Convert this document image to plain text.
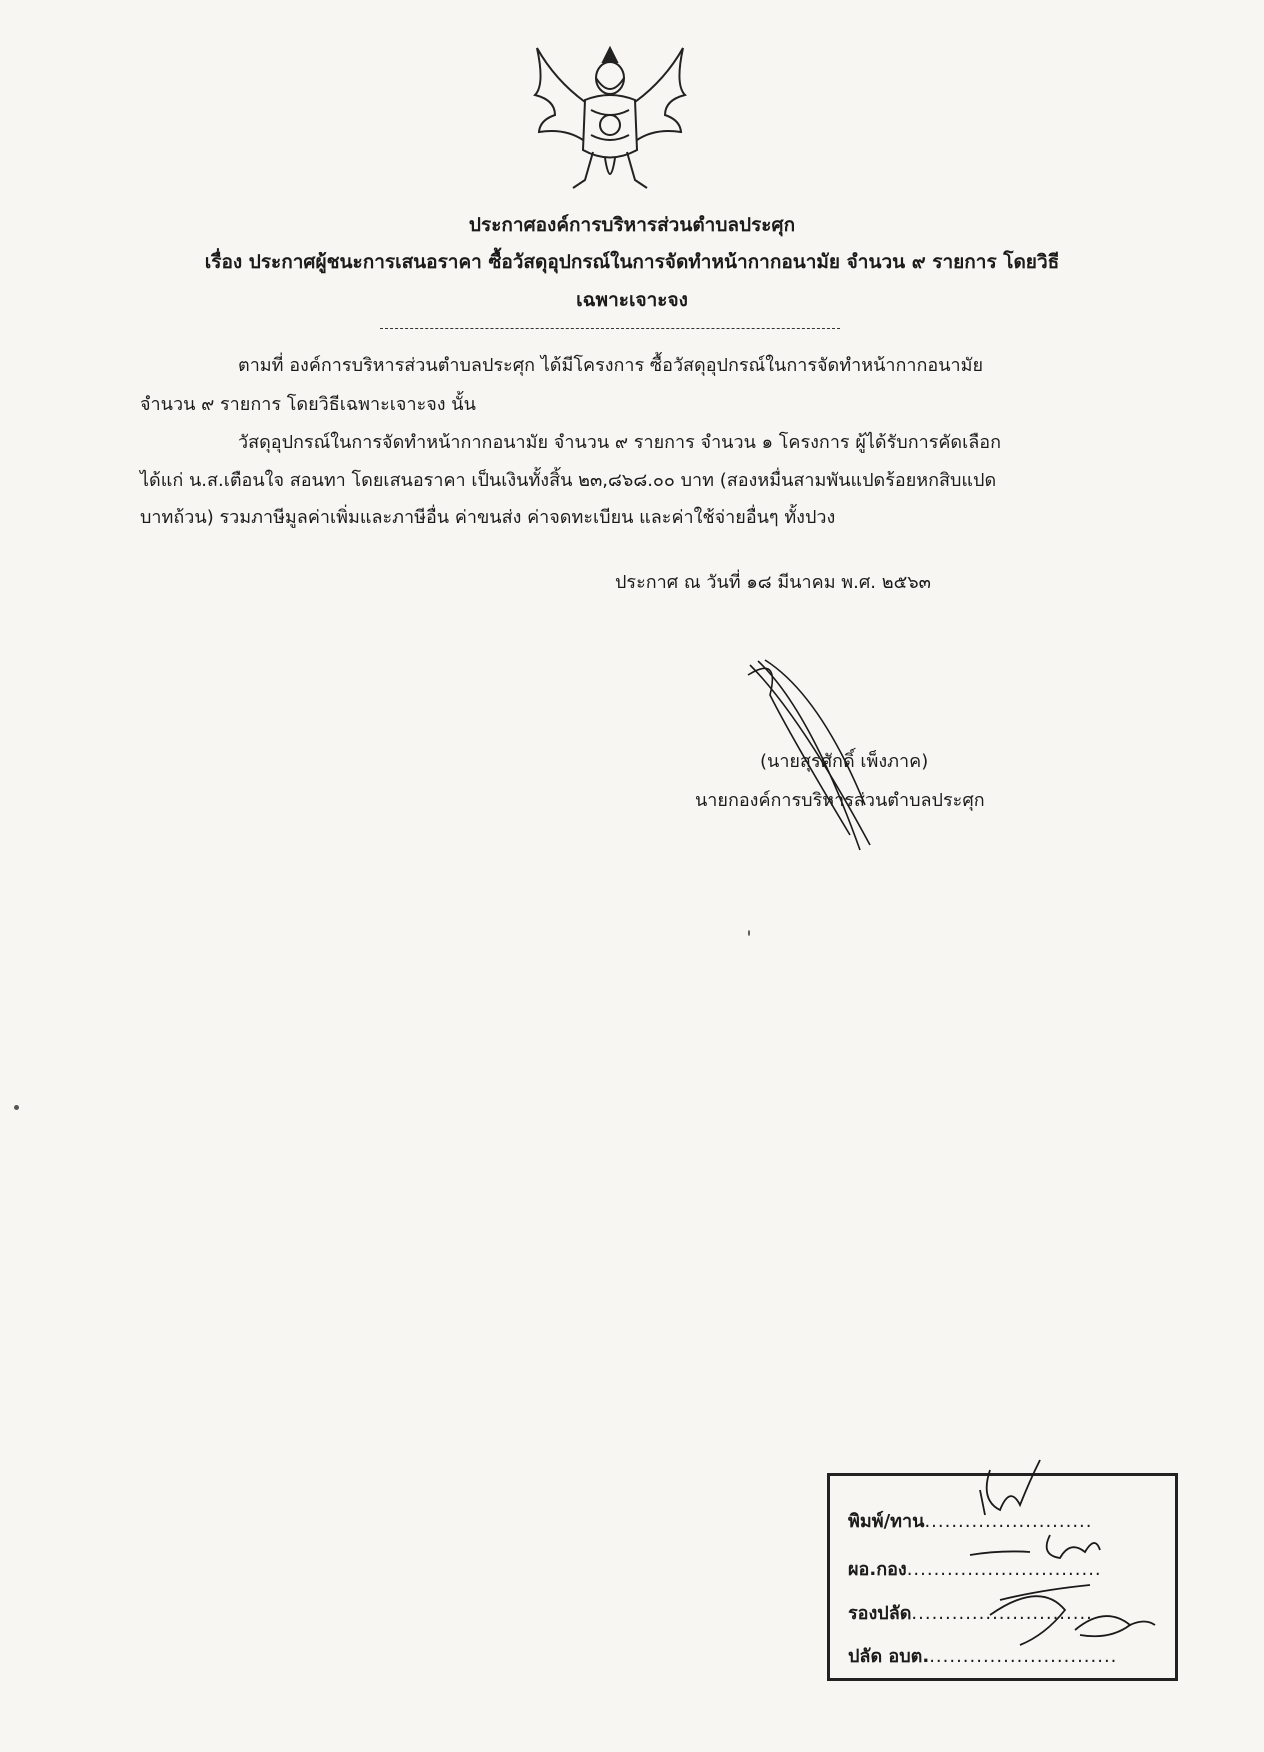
ประกาศองค์การบริหารส่วนตำบลประศุก
เรื่อง ประกาศผู้ชนะการเสนอราคา ซื้อวัสดุอุปกรณ์ในการจัดทำหน้ากากอนามัย จำนวน ๙ รายการ โดยวิธี
เฉพาะเจาะจง
ตามที่ องค์การบริหารส่วนตำบลประศุก ได้มีโครงการ ซื้อวัสดุอุปกรณ์ในการจัดทำหน้ากากอนามัย
จำนวน ๙ รายการ โดยวิธีเฉพาะเจาะจง นั้น
วัสดุอุปกรณ์ในการจัดทำหน้ากากอนามัย จำนวน ๙ รายการ จำนวน ๑ โครงการ ผู้ได้รับการคัดเลือก
ได้แก่ น.ส.เตือนใจ สอนทา โดยเสนอราคา เป็นเงินทั้งสิ้น ๒๓,๘๖๘.๐๐ บาท (สองหมื่นสามพันแปดร้อยหกสิบแปด
บาทถ้วน) รวมภาษีมูลค่าเพิ่มและภาษีอื่น ค่าขนส่ง ค่าจดทะเบียน และค่าใช้จ่ายอื่นๆ ทั้งปวง
ประกาศ ณ วันที่ ๑๘ มีนาคม พ.ศ. ๒๕๖๓
(นายสุรศักดิ์ เพ็งภาค)
นายกองค์การบริหารส่วนตำบลประศุก
พิมพ์/ทาน.........................
ผอ.กอง.............................
รองปลัด...........................
ปลัด อบต.............................
